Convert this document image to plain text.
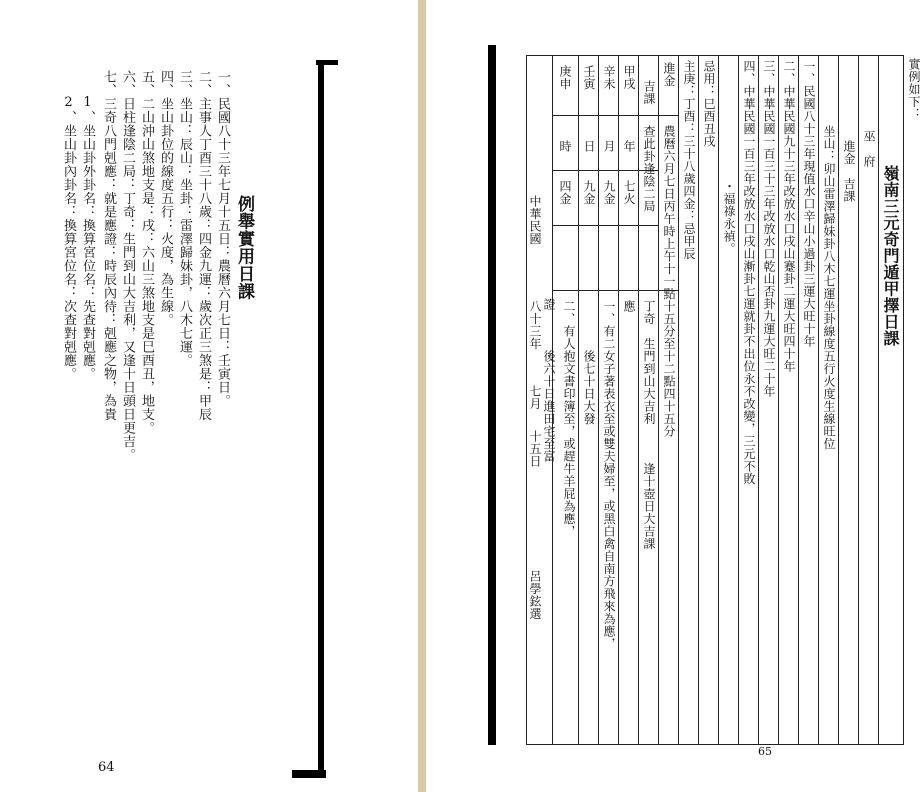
例舉實用日課
一、民國八十三年七月十五日：農曆六月七日：壬寅日。
二、主事人丁酉三十八歲：四金九運：歲次正三煞是：甲辰
三、坐山：辰山：坐卦：雷澤歸妹卦，八木七運。
四、坐山卦位的線度五行：火度，為生線。
五、二山沖山煞地支是：戌：六山三煞地支是巳酉丑，地支。
六、日柱逢陰二局：丁奇：生門到山大吉利，又逢十日頭日更吉。
七、三奇八門剋應：就是應證：時辰內待：剋應之物，為貴
1、坐山卦外卦名：換算宮位名：先查對剋應。
2、坐山卦內卦名：換算宮位名：次查對剋應。
64
實例如下：
嶺南三元奇門遁甲擇日課
巫　府
進金　吉課
坐山：卯山雷澤歸妹卦八木七運坐卦線度五行火度生線旺位
一、民國八十三年現值水口辛山小過卦三運大旺十年
二、中華民國九十三年改放水口戌山蹇卦二運大旺四十年
三、中華民國一百三十三年改放水口乾山否卦九運大旺二十年
四、中華民國一百三年改放水口戌山漸卦七運就卦不出位永不改變，三元不敗
・福祿永禎。
忌用：巳酉丑戌
主庚：丁酉：三十八歲四金：忌甲辰
進金
吉課
農曆六月七日丙午時上午十一點十五分至十二點四十五分
查此卦逢陰二局
丁奇　生門到山大吉利　　　逢十壺日大吉課
甲戌
年
七火
辛未
月
九金
壬寅
日
九金
庚申
時
四金
應
一、有二女子著表衣至或雙夫婦至，或黑白禽自南方飛來為應，
後七十日大發
證 二、有人抱文書印簿至，或趕牛羊屁為應，
後六十日進田宅至富
中華民國
八十三年
七月
十五日
呂學鉉選
65
